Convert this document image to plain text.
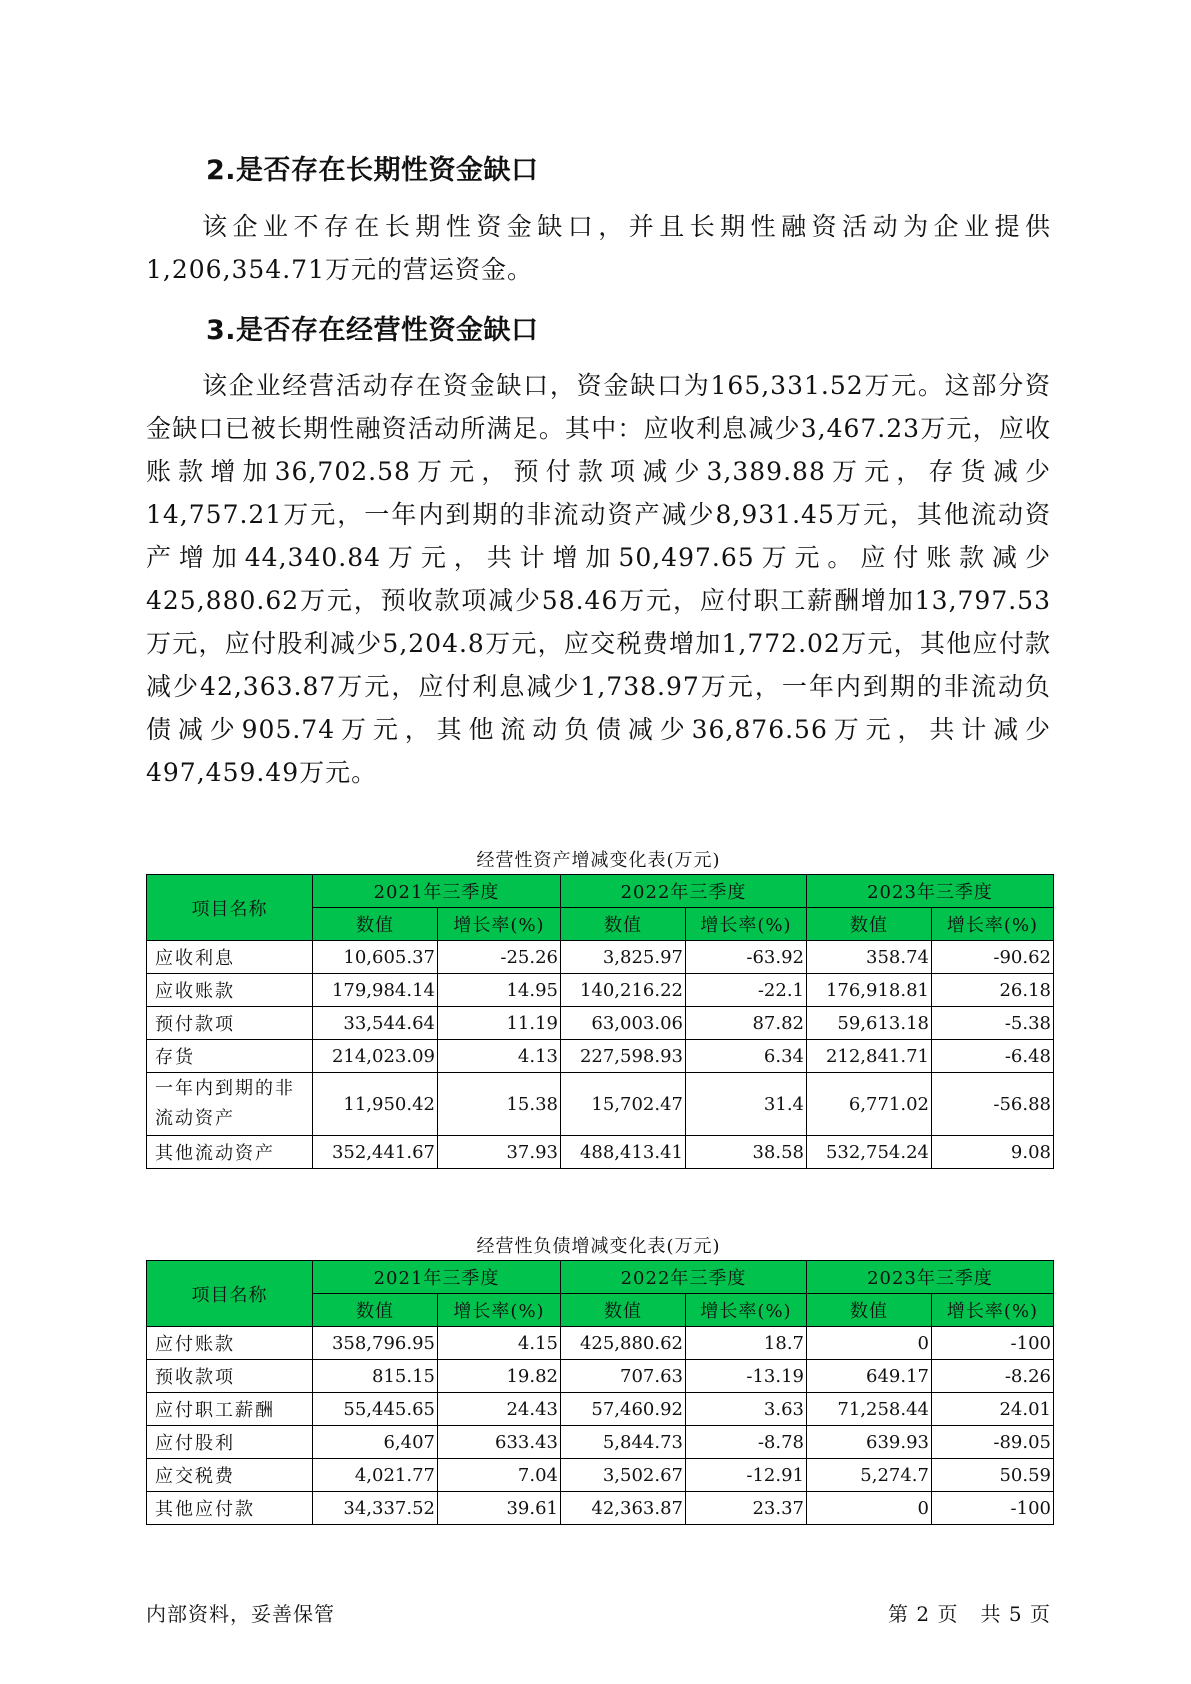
2.是否存在长期性资金缺口

该企业不存在长期性资金缺口，并且长期性融资活动为企业提供1,206,354.71万元的营运资金。

3.是否存在经营性资金缺口

该企业经营活动存在资金缺口，资金缺口为165,331.52万元。这部分资金缺口已被长期性融资活动所满足。其中：应收利息减少3,467.23万元，应收账款增加36,702.58万元，预付款项减少3,389.88万元，存货减少14,757.21万元，一年内到期的非流动资产减少8,931.45万元，其他流动资产增加44,340.84万元，共计增加50,497.65万元。应付账款减少425,880.62万元，预收款项减少58.46万元，应付职工薪酬增加13,797.53万元，应付股利减少5,204.8万元，应交税费增加1,772.02万元，其他应付款减少42,363.87万元，应付利息减少1,738.97万元，一年内到期的非流动负债减少905.74万元，其他流动负债减少36,876.56万元，共计减少497,459.49万元。

经营性资产增减变化表(万元)
项目名称	2021年三季度		2022年三季度		2023年三季度	
	数值	增长率(%)	数值	增长率(%)	数值	增长率(%)
应收利息	10,605.37	-25.26	3,825.97	-63.92	358.74	-90.62
应收账款	179,984.14	14.95	140,216.22	-22.1	176,918.81	26.18
预付款项	33,544.64	11.19	63,003.06	87.82	59,613.18	-5.38
存货	214,023.09	4.13	227,598.93	6.34	212,841.71	-6.48
一年内到期的非流动资产	11,950.42	15.38	15,702.47	31.4	6,771.02	-56.88
其他流动资产	352,441.67	37.93	488,413.41	38.58	532,754.24	9.08
经营性负债增减变化表(万元)
项目名称	2021年三季度		2022年三季度		2023年三季度	
	数值	增长率(%)	数值	增长率(%)	数值	增长率(%)
应付账款	358,796.95	4.15	425,880.62	18.7	0	-100
预收款项	815.15	19.82	707.63	-13.19	649.17	-8.26
应付职工薪酬	55,445.65	24.43	57,460.92	3.63	71,258.44	24.01
应付股利	6,407	633.43	5,844.73	-8.78	639.93	-89.05
应交税费	4,021.77	7.04	3,502.67	-12.91	5,274.7	50.59
其他应付款	34,337.52	39.61	42,363.87	23.37	0	-100
内部资料，妥善保管	第 2 页   共 5 页
